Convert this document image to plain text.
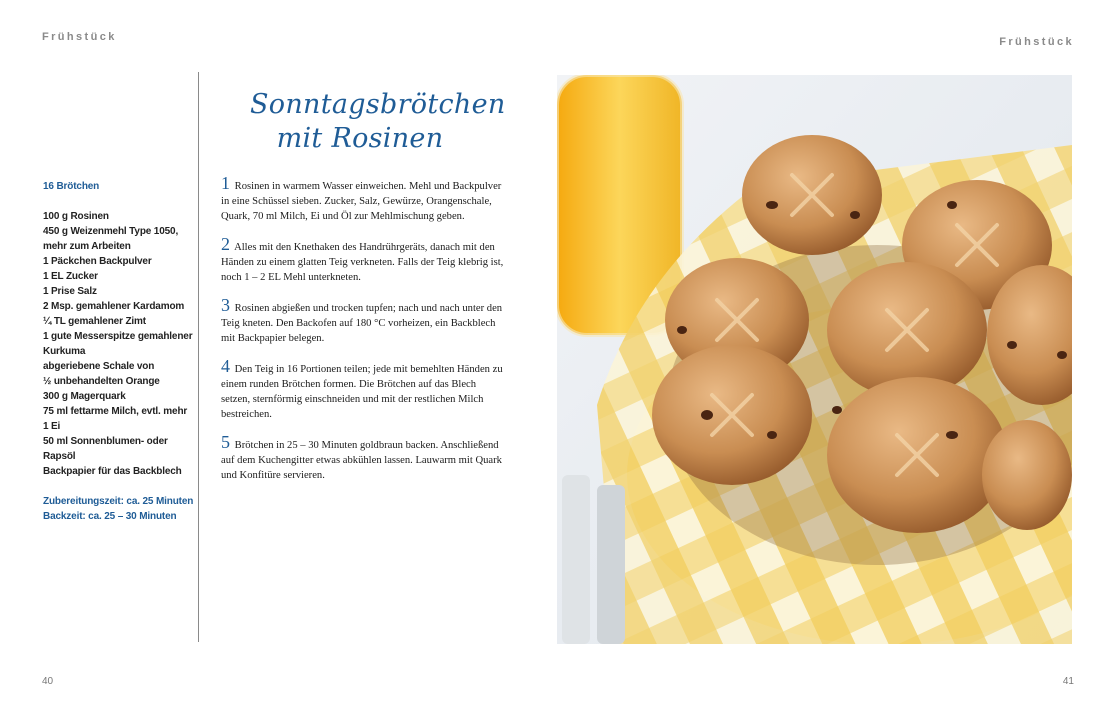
Frühstück	Frühstück
16 Brötchen
100 g Rosinen
450 g Weizenmehl Type 1050,
mehr zum Arbeiten
1 Päckchen Backpulver
1 EL Zucker
1 Prise Salz
2 Msp. gemahlener Kardamom
¼ TL gemahlener Zimt
1 gute Messerspitze gemahlener
Kurkuma
abgeriebene Schale von
½ unbehandelten Orange
300 g Magerquark
75 ml fettarme Milch, evtl. mehr
1 Ei
50 ml Sonnenblumen- oder Rapsöl
Backpapier für das Backblech
Zubereitungszeit: ca. 25 Minuten
Backzeit: ca. 25 – 30 Minuten
Sonntagsbrötchen
mit Rosinen

1 Rosinen in warmem Wasser einweichen. Mehl und Backpulver in eine Schüssel sieben. Zucker, Salz, Gewürze, Orangenschale, Quark, 70 ml Milch, Ei und Öl zur Mehlmischung geben.

2 Alles mit den Knethaken des Handrührgeräts, danach mit den Händen zu einem glatten Teig verkneten. Falls der Teig klebrig ist, noch 1 – 2 EL Mehl unterkneten.

3 Rosinen abgießen und trocken tupfen; nach und nach unter den Teig kneten. Den Backofen auf 180 °C vorheizen, ein Backblech mit Backpapier belegen.

4 Den Teig in 16 Portionen teilen; jede mit bemehlten Händen zu einem runden Brötchen formen. Die Brötchen auf das Blech setzen, sternförmig einschneiden und mit der restlichen Milch bestreichen.

5 Brötchen in 25 – 30 Minuten goldbraun backen. Anschließend auf dem Kuchengitter etwas abkühlen lassen. Lauwarm mit Quark und Konfitüre servieren.

40	41
